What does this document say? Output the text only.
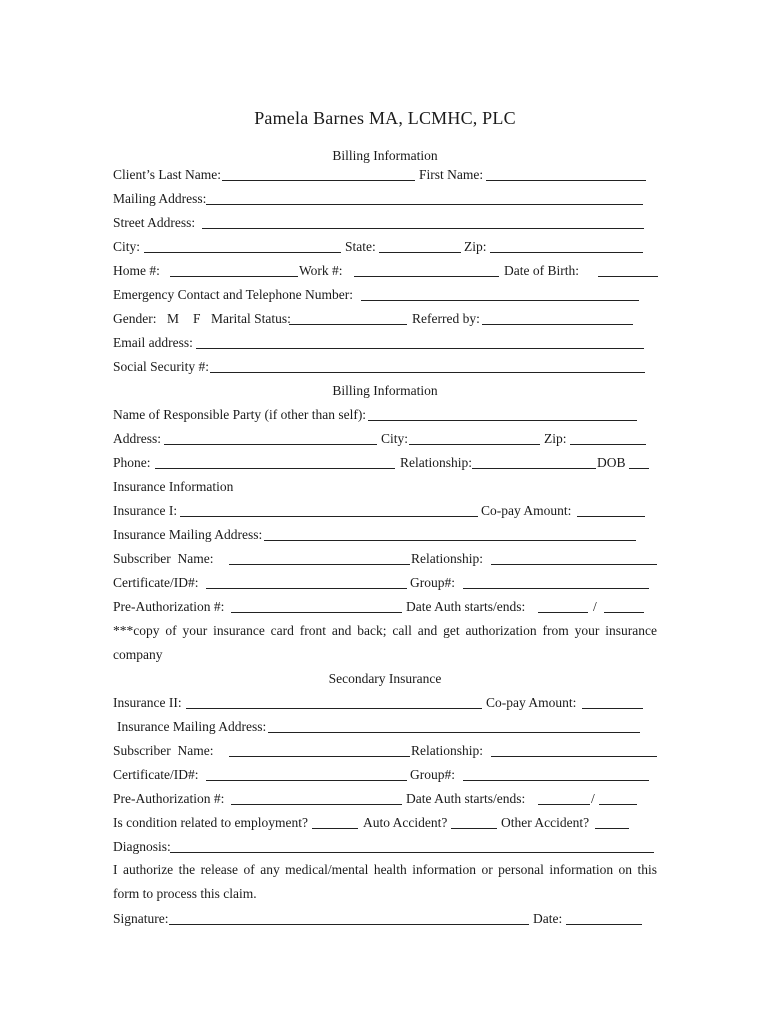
Pamela Barnes MA, LCMHC, PLC
Billing Information
Client’s Last Name:	First Name:
Mailing Address:
Street Address:
City:	State:	Zip:
Home #:	Work #:	Date of Birth:
Emergency Contact and Telephone Number:
Gender: M F Marital Status:	Referred by:
Email address:
Social Security #:
Billing Information
Name of Responsible Party (if other than self):
Address:	City:	Zip:
Phone:	Relationship:	DOB
Insurance Information
Insurance I:	Co-pay Amount:
Insurance Mailing Address:
Subscriber  Name:	Relationship:
Certificate/ID#:	Group#:
Pre-Authorization #:	Date Auth starts/ends:	/
***copy of your insurance card front and back; call and get authorization from your insurance company
Secondary Insurance
Insurance II:	Co-pay Amount:
Insurance Mailing Address:
Subscriber  Name:	Relationship:
Certificate/ID#:	Group#:
Pre-Authorization #:	Date Auth starts/ends:	/
Is condition related to employment?	Auto Accident?	Other Accident?
Diagnosis:
I authorize the release of any medical/mental health information or personal information on this form to process this claim.
Signature:	Date:
